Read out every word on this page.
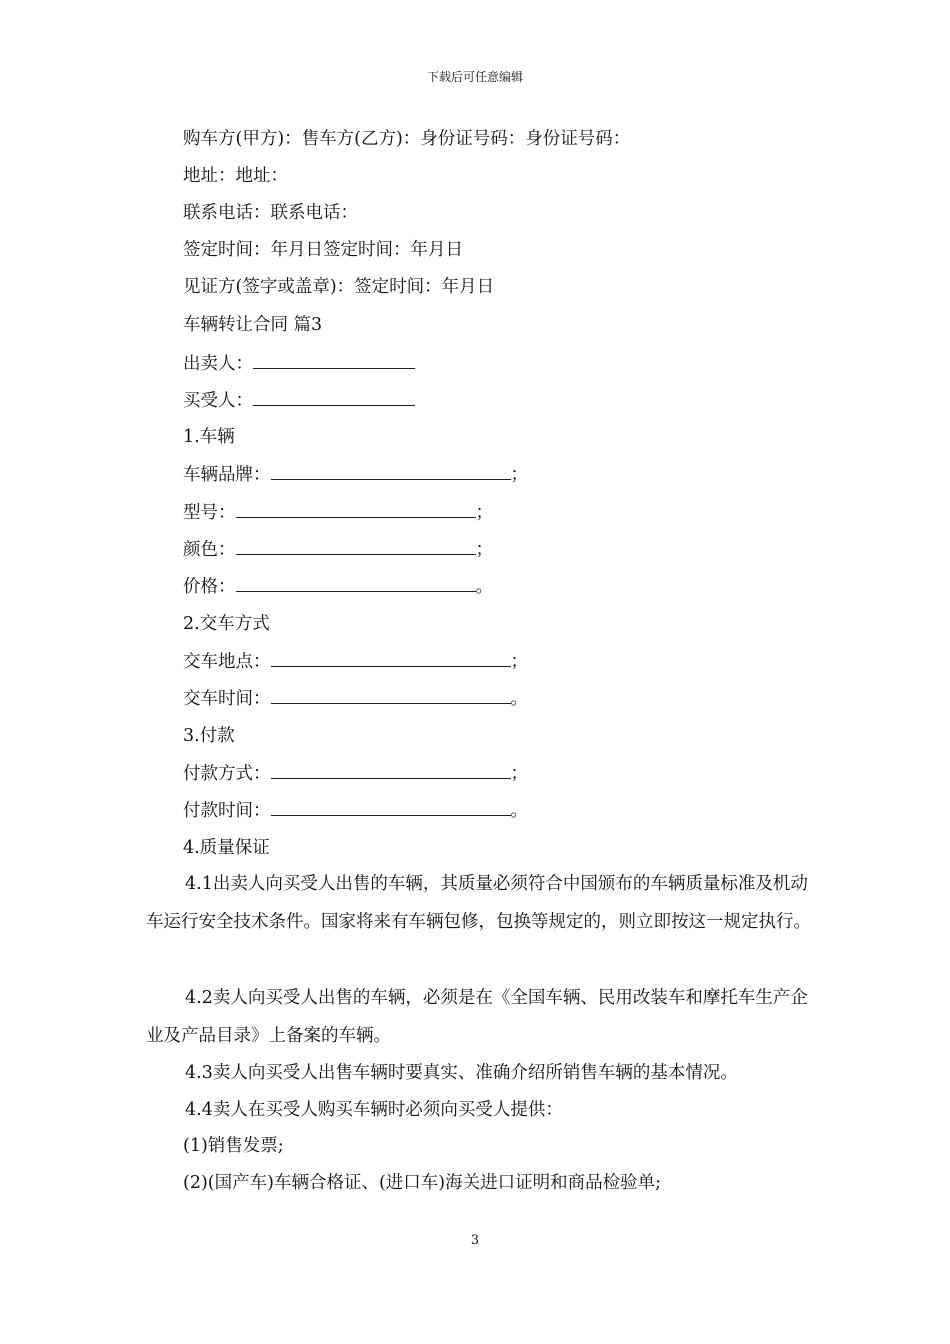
下载后可任意编辑
购车方(甲方)：售车方(乙方)：身份证号码：身份证号码：
地址：地址：
联系电话：联系电话：
签定时间：年月日签定时间：年月日
见证方(签字或盖章)：签定时间：年月日
车辆转让合同 篇3
出卖人：
买受人：
1.车辆
车辆品牌：	；
型号：	；
颜色：	；
价格：	。
2.交车方式
交车地点：	；
交车时间：	。
3.付款
付款方式：	；
付款时间：	。
4.质量保证
4.1出卖人向买受人出售的车辆，其质量必须符合中国颁布的车辆质量标准及机动车运行安全技术条件。国家将来有车辆包修，包换等规定的，则立即按这一规定执行。
4.2卖人向买受人出售的车辆，必须是在《全国车辆、民用改装车和摩托车生产企业及产品目录》上备案的车辆。
4.3卖人向买受人出售车辆时要真实、准确介绍所销售车辆的基本情况。
4.4卖人在买受人购买车辆时必须向买受人提供：
(1)销售发票;
(2)(国产车)车辆合格证、(进口车)海关进口证明和商品检验单;
3
